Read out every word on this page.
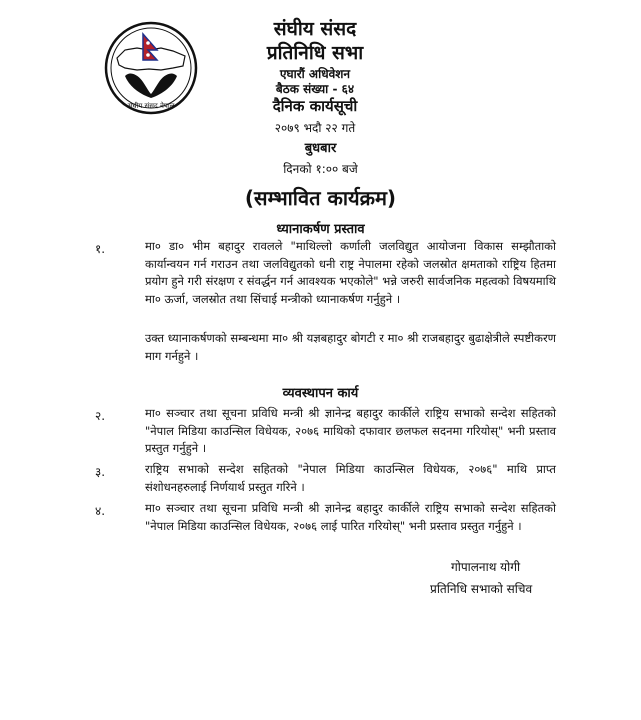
संघीय संसद नेपाल
संघीय संसद
प्रतिनिधि सभा
एघारौं अधिवेशन
बैठक संख्या - ६४
दैनिक कार्यसूची
२०७९ भदौ २२ गते
बुधबार
दिनको १:०० बजे
(सम्भावित कार्यक्रम)
ध्यानाकर्षण प्रस्ताव
१.	मा० डा० भीम बहादुर रावलले "माथिल्लो कर्णाली जलविद्युत आयोजना विकास सम्झौताको कार्यान्वयन गर्न गराउन तथा जलविद्युतको धनी राष्ट्र नेपालमा रहेको जलस्रोत क्षमताको राष्ट्रिय हितमा प्रयोग हुने गरी संरक्षण र संवर्द्धन गर्न आवश्यक भएकोले" भन्ने जरुरी सार्वजनिक महत्वको विषयमाथि मा० ऊर्जा, जलस्रोत तथा सिंचाई मन्त्रीको ध्यानाकर्षण गर्नुहुने ।
उक्त ध्यानाकर्षणको सम्बन्धमा मा० श्री यज्ञबहादुर बोगटी र मा० श्री राजबहादुर बुढाक्षेत्रीले स्पष्टीकरण माग गर्नहुने ।
व्यवस्थापन कार्य
२.	मा० सञ्चार तथा सूचना प्रविधि मन्त्री श्री ज्ञानेन्द्र बहादुर कार्कीले राष्ट्रिय सभाको सन्देश सहितको "नेपाल मिडिया काउन्सिल विधेयक, २०७६ माथिको दफावार छलफल सदनमा गरियोस्" भनी प्रस्ताव प्रस्तुत गर्नुहुने ।
३.	राष्ट्रिय सभाको सन्देश सहितको "नेपाल मिडिया काउन्सिल विधेयक, २०७६" माथि प्राप्त संशोधनहरुलाई निर्णयार्थ प्रस्तुत गरिने ।
४.	मा० सञ्चार तथा सूचना प्रविधि मन्त्री श्री ज्ञानेन्द्र बहादुर कार्कीले राष्ट्रिय सभाको सन्देश सहितको "नेपाल मिडिया काउन्सिल विधेयक, २०७६ लाई पारित गरियोस्" भनी प्रस्ताव प्रस्तुत गर्नुहुने ।
गोपालनाथ योगी
प्रतिनिधि सभाको सचिव
